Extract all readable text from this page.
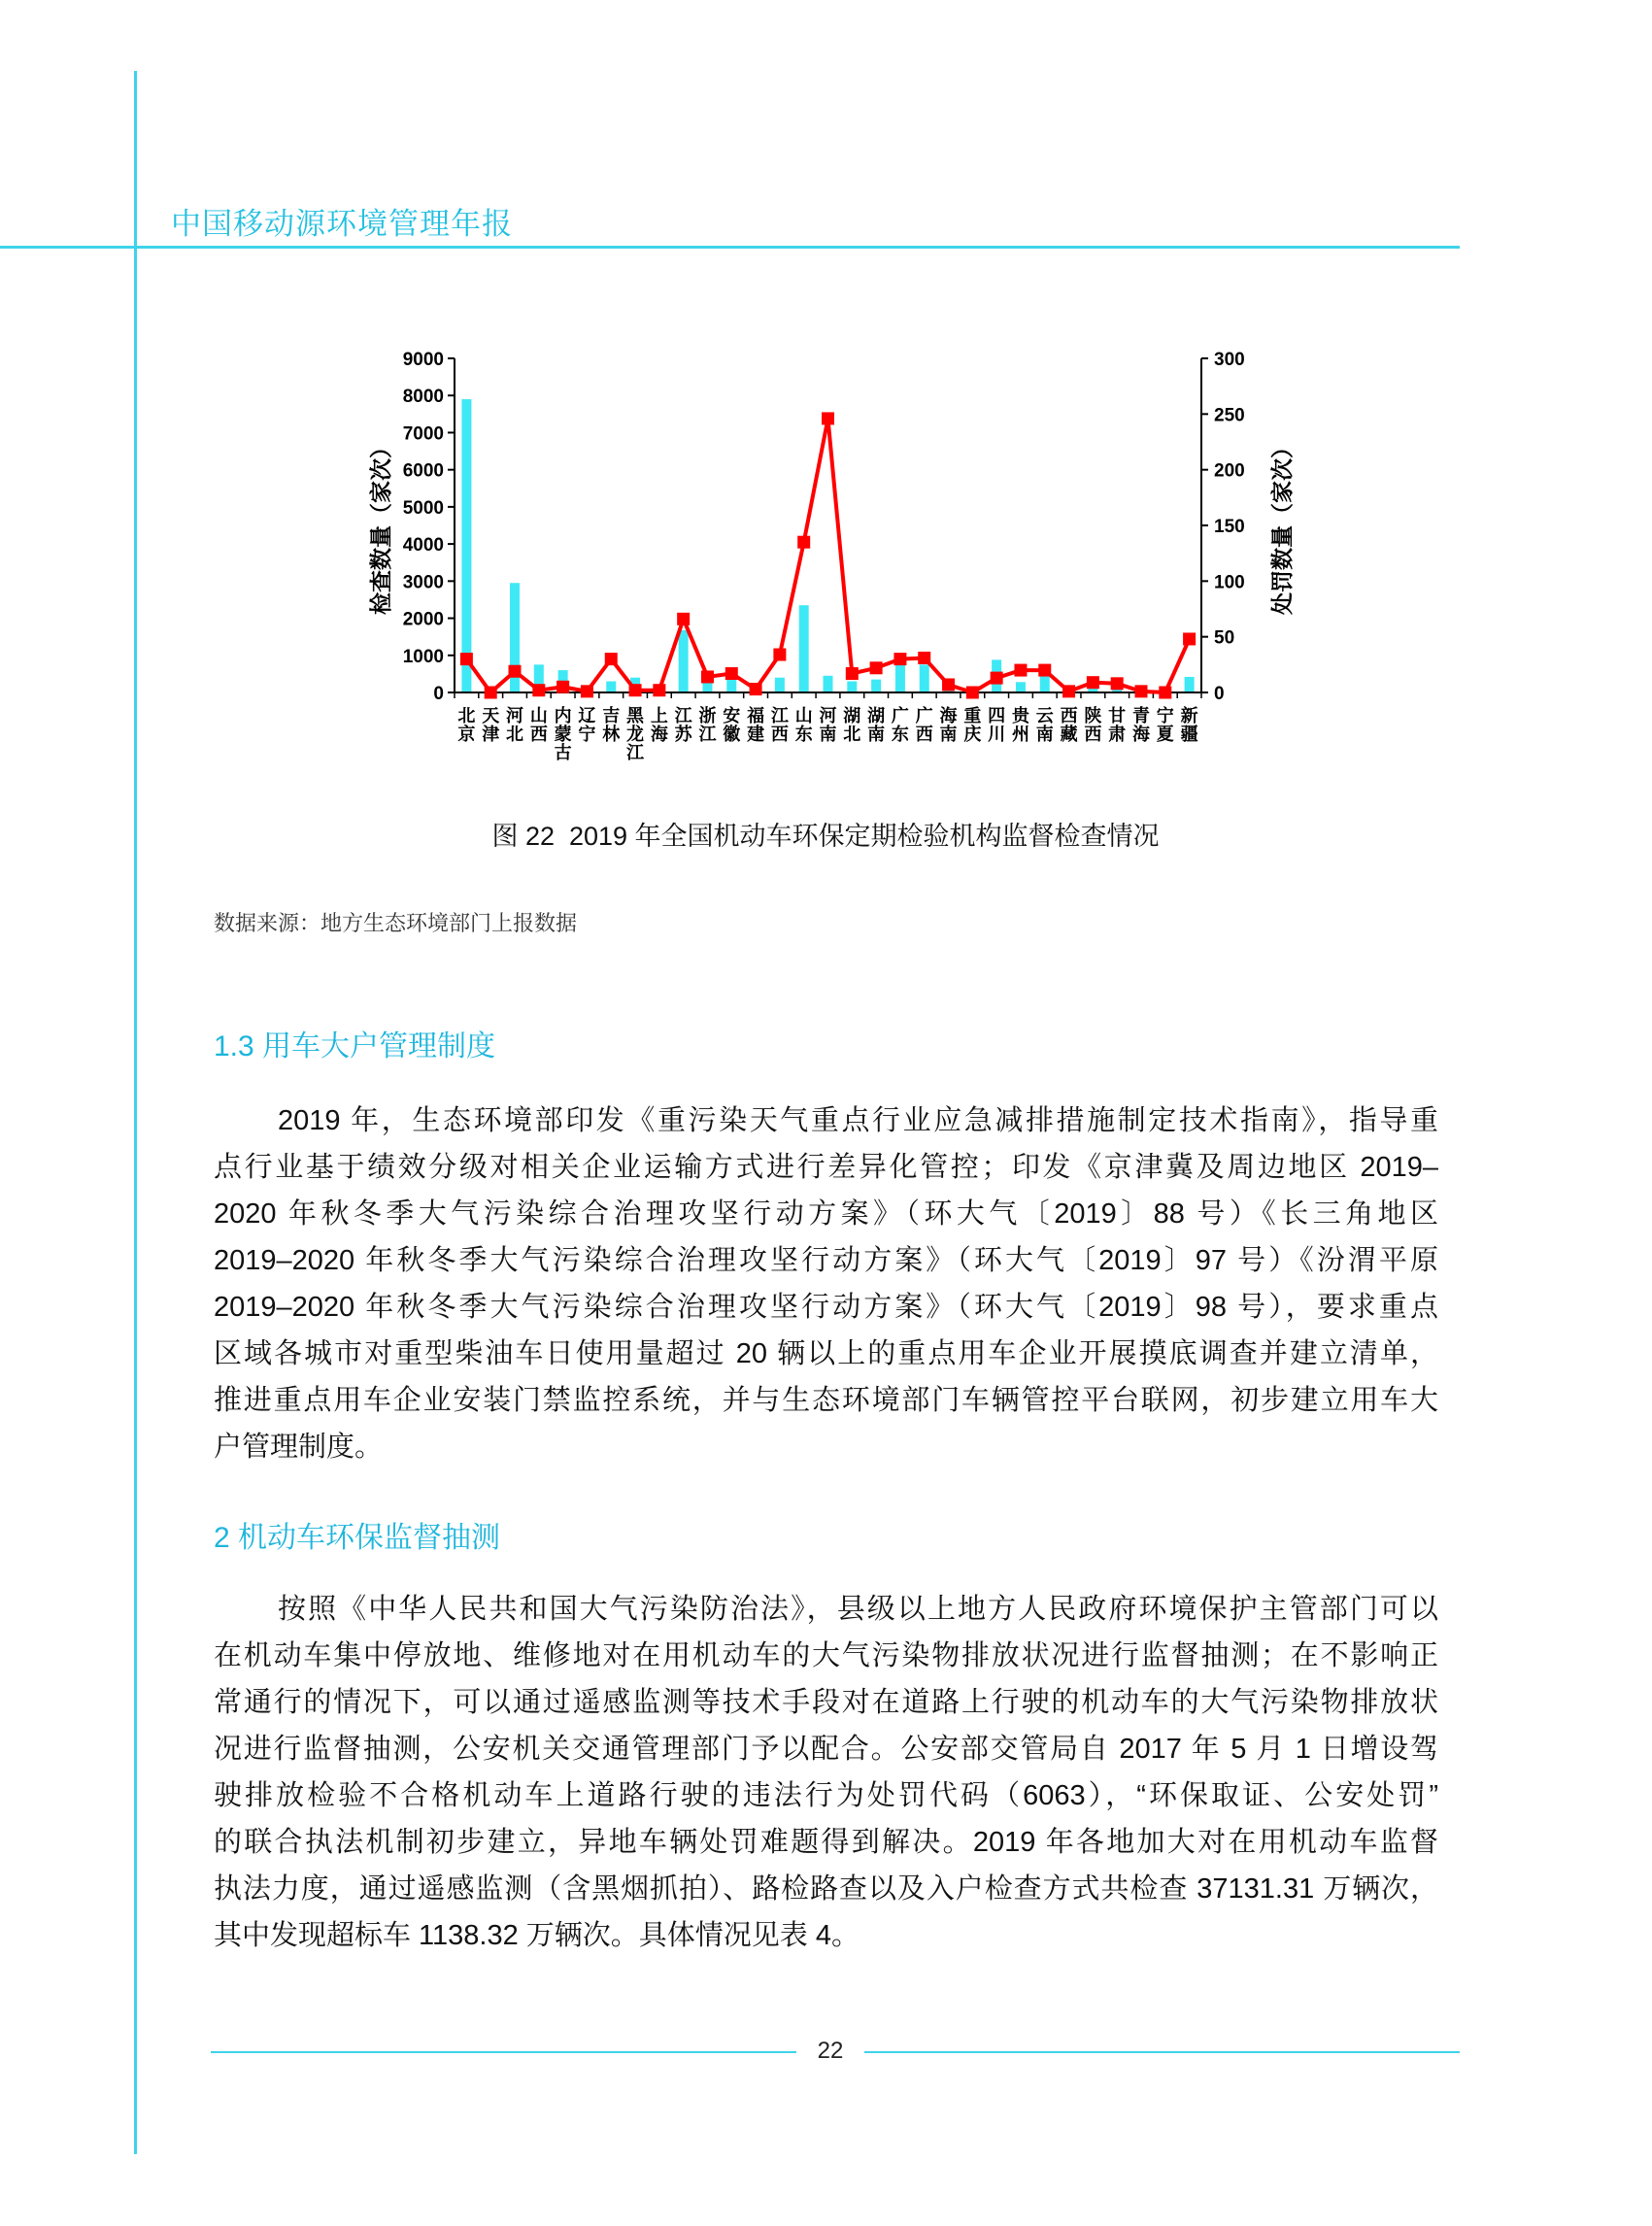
中国移动源环境管理年报
检查数量（家次）	处罚数量（家次）
0
1000
2000
3000
4000
5000
6000
7000
8000
9000
0
50
100
150
200
250
300
北京
天津
河北
山西
内蒙古
辽宁
吉林
黑龙江
上海
江苏
浙江
安徽
福建
江西
山东
河南
湖北
湖南
广东
广西
海南
重庆
四川
贵州
云南
西藏
陕西
甘肃
青海
宁夏
新疆
图 22  2019 年全国机动车环保定期检验机构监督检查情况
数据来源：地方生态环境部门上报数据
1.3 用车大户管理制度
2019 年，生态环境部印发《重污染天气重点行业应急减排措施制定技术指南》，指导重
点行业基于绩效分级对相关企业运输方式进行差异化管控；印发《京津冀及周边地区 2019–
2020 年秋冬季大气污染综合治理攻坚行动方案》（环大气〔2019〕88 号）《长三角地区
2019–2020 年秋冬季大气污染综合治理攻坚行动方案》（环大气〔2019〕97 号）《汾渭平原
2019–2020 年秋冬季大气污染综合治理攻坚行动方案》（环大气〔2019〕98 号），要求重点
区域各城市对重型柴油车日使用量超过 20 辆以上的重点用车企业开展摸底调查并建立清单，
推进重点用车企业安装门禁监控系统，并与生态环境部门车辆管控平台联网，初步建立用车大
户管理制度。
2 机动车环保监督抽测
按照《中华人民共和国大气污染防治法》，县级以上地方人民政府环境保护主管部门可以
在机动车集中停放地、维修地对在用机动车的大气污染物排放状况进行监督抽测；在不影响正
常通行的情况下，可以通过遥感监测等技术手段对在道路上行驶的机动车的大气污染物排放状
况进行监督抽测，公安机关交通管理部门予以配合。公安部交管局自 2017 年 5 月 1 日增设驾
驶排放检验不合格机动车上道路行驶的违法行为处罚代码（6063），“环保取证、公安处罚”
的联合执法机制初步建立，异地车辆处罚难题得到解决。2019 年各地加大对在用机动车监督
执法力度，通过遥感监测（含黑烟抓拍）、路检路查以及入户检查方式共检查 37131.31 万辆次，
其中发现超标车 1138.32 万辆次。具体情况见表 4。
22
